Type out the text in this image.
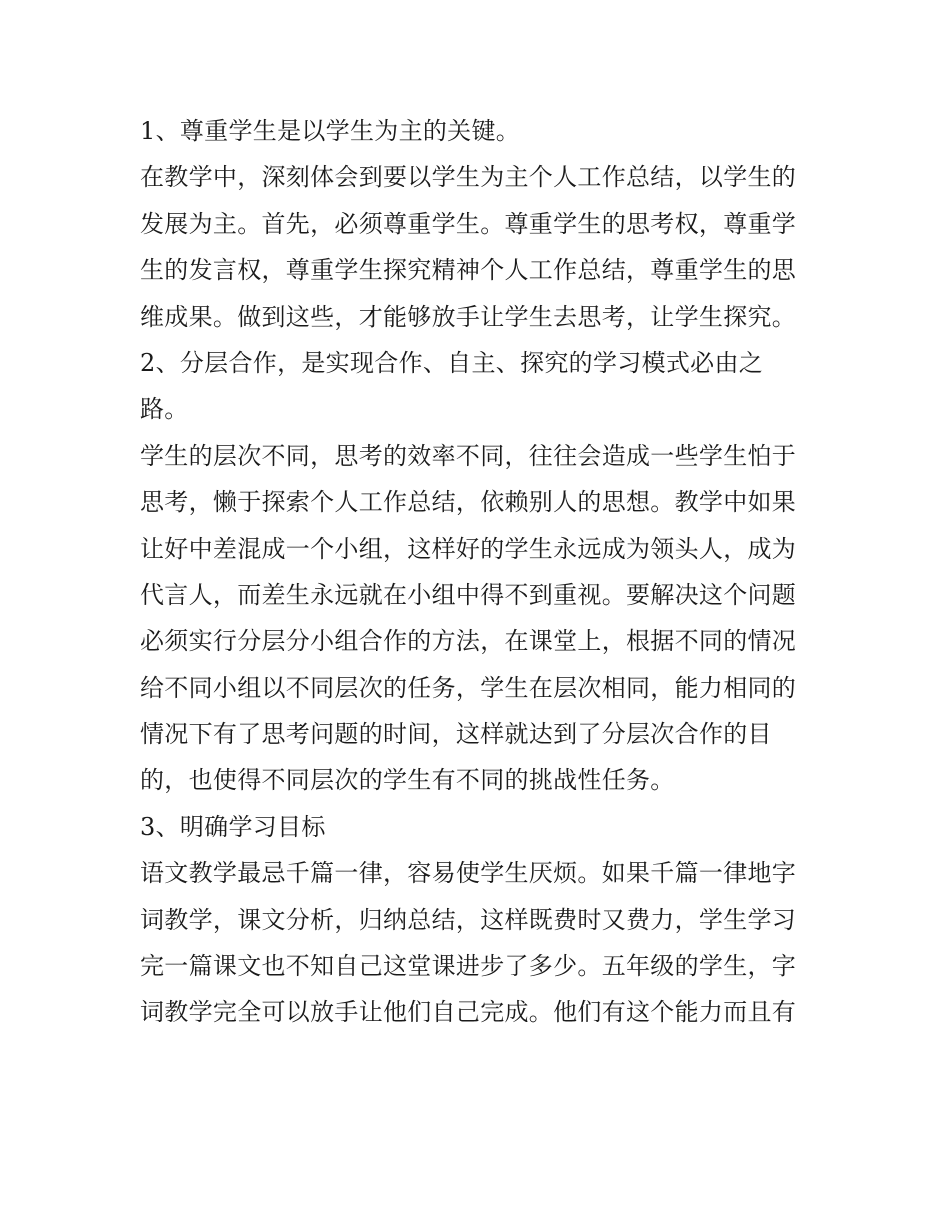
1、尊重学生是以学生为主的关键。
在教学中，深刻体会到要以学生为主个人工作总结，以学生的
发展为主。首先，必须尊重学生。尊重学生的思考权，尊重学
生的发言权，尊重学生探究精神个人工作总结，尊重学生的思
维成果。做到这些，才能够放手让学生去思考，让学生探究。
2、分层合作，是实现合作、自主、探究的学习模式必由之
路。
学生的层次不同，思考的效率不同，往往会造成一些学生怕于
思考，懒于探索个人工作总结，依赖别人的思想。教学中如果
让好中差混成一个小组，这样好的学生永远成为领头人，成为
代言人，而差生永远就在小组中得不到重视。要解决这个问题
必须实行分层分小组合作的方法，在课堂上，根据不同的情况
给不同小组以不同层次的任务，学生在层次相同，能力相同的
情况下有了思考问题的时间，这样就达到了分层次合作的目
的，也使得不同层次的学生有不同的挑战性任务。
3、明确学习目标
语文教学最忌千篇一律，容易使学生厌烦。如果千篇一律地字
词教学，课文分析，归纳总结，这样既费时又费力，学生学习
完一篇课文也不知自己这堂课进步了多少。五年级的学生，字
词教学完全可以放手让他们自己完成。他们有这个能力而且有
